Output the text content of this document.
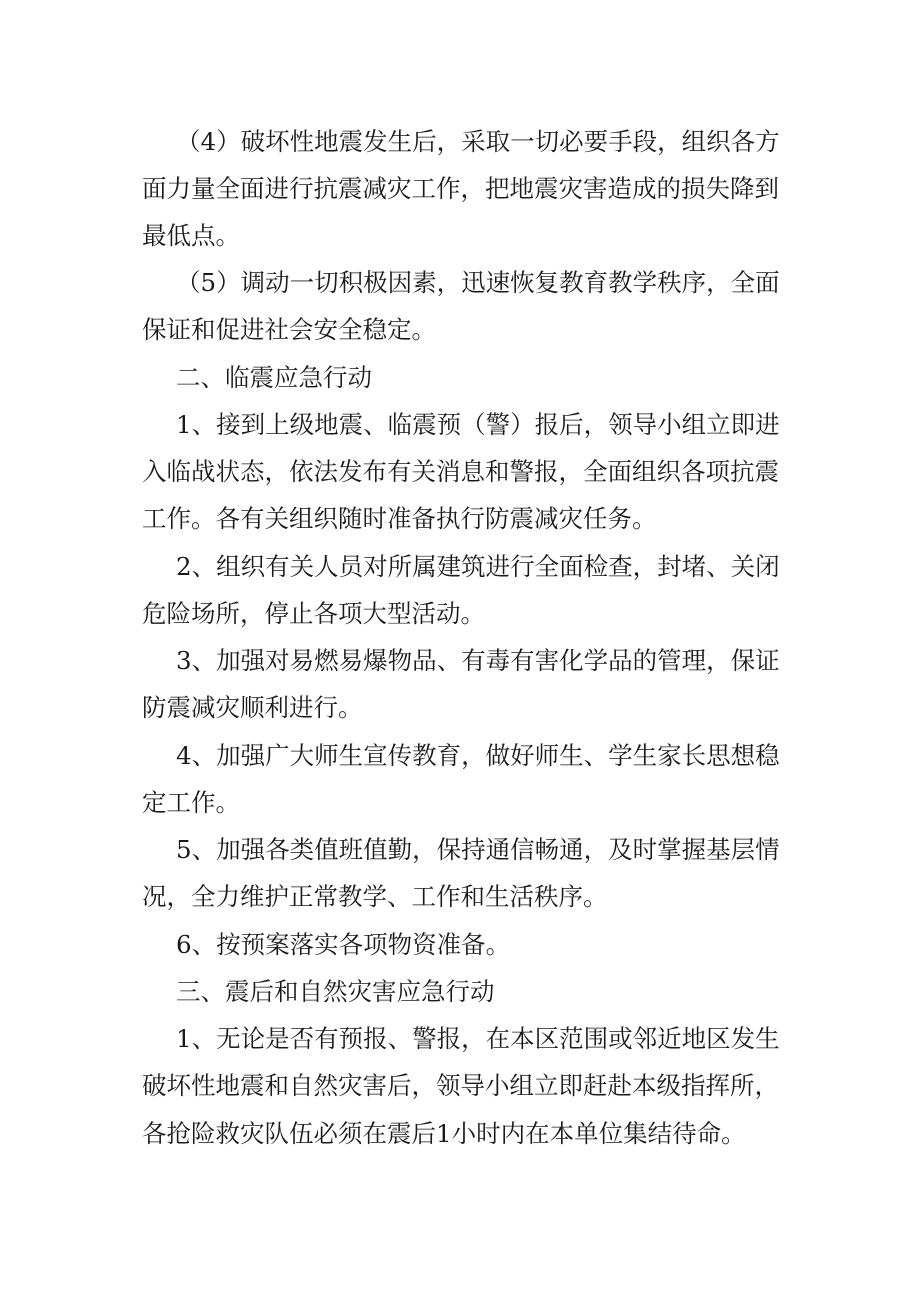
（4）破坏性地震发生后，采取一切必要手段，组织各方
面力量全面进行抗震减灾工作，把地震灾害造成的损失降到
最低点。
（5）调动一切积极因素，迅速恢复教育教学秩序，全面
保证和促进社会安全稳定。
二、临震应急行动
1、接到上级地震、临震预（警）报后，领导小组立即进
入临战状态，依法发布有关消息和警报，全面组织各项抗震
工作。各有关组织随时准备执行防震减灾任务。
2、组织有关人员对所属建筑进行全面检查，封堵、关闭
危险场所，停止各项大型活动。
3、加强对易燃易爆物品、有毒有害化学品的管理，保证
防震减灾顺利进行。
4、加强广大师生宣传教育，做好师生、学生家长思想稳
定工作。
5、加强各类值班值勤，保持通信畅通，及时掌握基层情
况，全力维护正常教学、工作和生活秩序。
6、按预案落实各项物资准备。
三、震后和自然灾害应急行动
1、无论是否有预报、警报，在本区范围或邻近地区发生
破坏性地震和自然灾害后，领导小组立即赶赴本级指挥所，
各抢险救灾队伍必须在震后1小时内在本单位集结待命。
